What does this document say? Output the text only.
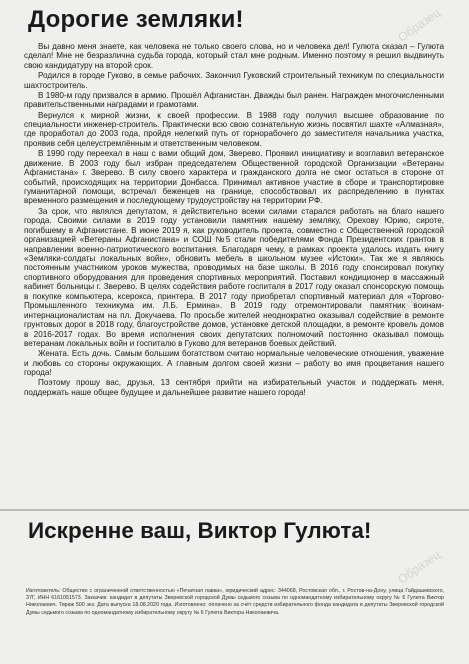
Образец
Образец
Образец
Дорогие земляки!

Вы давно меня знаете, как человека не только своего слова, но и человека дел! Гулюта сказал – Гулюта сделал! Мне не безразлична судьба города, который стал мне родным. Именно поэтому я решил выдвинуть свою кандидатуру на второй срок.

Родился в городе Гуково, в семье рабочих. Закончил Гуковский строительный техникум по специальности шахтостроитель.

В 1980-м году призвался в армию. Прошёл Афганистан. Дважды был ранен. Награжден многочисленными правительственными наградами и грамотами.

Вернулся к мирной жизни, к своей профессии. В 1988 году получил высшее образование по специальности инженер-строитель. Практически всю свою сознательную жизнь посвятил шахте «Алмазная», где проработал до 2003 года, пройдя нелегкий путь от горнорабочего до заместителя начальника участка, проявив себя целеустремлённым и ответственным человеком.

В 1990 году переехал в наш с вами общий дом, Зверево. Проявил инициативу и возглавил ветеранское движение. В 2003 году был избран председателем Общественной городской Организации «Ветераны Афганистана» г. Зверево. В силу своего характера и гражданского долга не смог остаться в стороне от событий, происходящих на территории Донбасса. Принимал активное участие в сборе и транспортировке гуманитарной помощи, встречал беженцев на границе, способствовал их распределению в пунктах временного размещения и последующему трудоустройству на территории РФ.

За срок, что являлся депутатом, я действительно всеми силами старался работать на благо нашего города. Своими силами в 2019 году установили памятник нашему земляку, Орехову Юрию, сироте, погибшему в Афганистане. В июне 2019 я, как руководитель проекта, совместно с Общественной городской организацией «Ветераны Афганистана» и СОШ №5 стали победителями Фонда Президентских грантов в направлении военно-патриотического воспитания. Благодаря чему, в рамках проекта удалось издать книгу «Земляки-солдаты локальных войн», обновить мебель в школьном музее «Истоки». Так же я являюсь постоянным участником уроков мужества, проводимых на базе школы. В 2016 году спонсировал покупку спортивного оборудования для проведения спортивных мероприятий. Поставил кондиционер в массажный кабинет больницы г. Зверево. В целях содействия работе госпиталя в 2017 году оказал спонсорскую помощь в покупке компьютера, ксерокса, принтера. В 2017 году приобретал спортивный материал для «Торгово-Промышленного техникума им. Л.Б. Ермина». В 2019 году отремонтировали памятник воинам-интернационалистам на пл. Докучаева. По просьбе жителей неоднократно оказывал содействие в ремонте грунтовых дорог в 2018 году, благоустройстве домов, установке детской площадки, в ремонте кровель домов в 2016-2017 годах. Во время исполнения своих депутатских полномочий постоянно оказывал помощь ветеранам локальных войн и госпиталю в Гуково для ветеранов боевых действий.

Жената. Есть дочь. Самым большим богатством считаю нормальные человеческие отношения, уважение и любовь со стороны окружающих. А главным долгом своей жизни – работу во имя процветания нашего города!

Поэтому прошу вас, друзья, 13 сентября прийти на избирательный участок и поддержать меня, поддержать наше общее будущее и дальнейшее развитие нашего города!

Искренне ваш, Виктор Гулюта!
Изготовитель: Общество с ограниченной ответственностью «Печатная лавка», юридический адрес: 344068, Ростовская обл., г. Ростов-на-Дону, улица Гайдашевского, 37Г, ИНН 6161051573. Заказчик: кандидат в депутаты Зверевской городской Думы седьмого созыва по одномандатному избирательному округу № 6 Гулюта Виктор Николаевич. Тираж 500 экз. Дата выпуска 18.08.2020 года. Изготовлено: оплачено за счёт средств избирательного фонда кандидата в депутаты Зверевской городской Думы седьмого созыва по одномандатному избирательному округу № 6 Гулюта Виктора Николаевича.
